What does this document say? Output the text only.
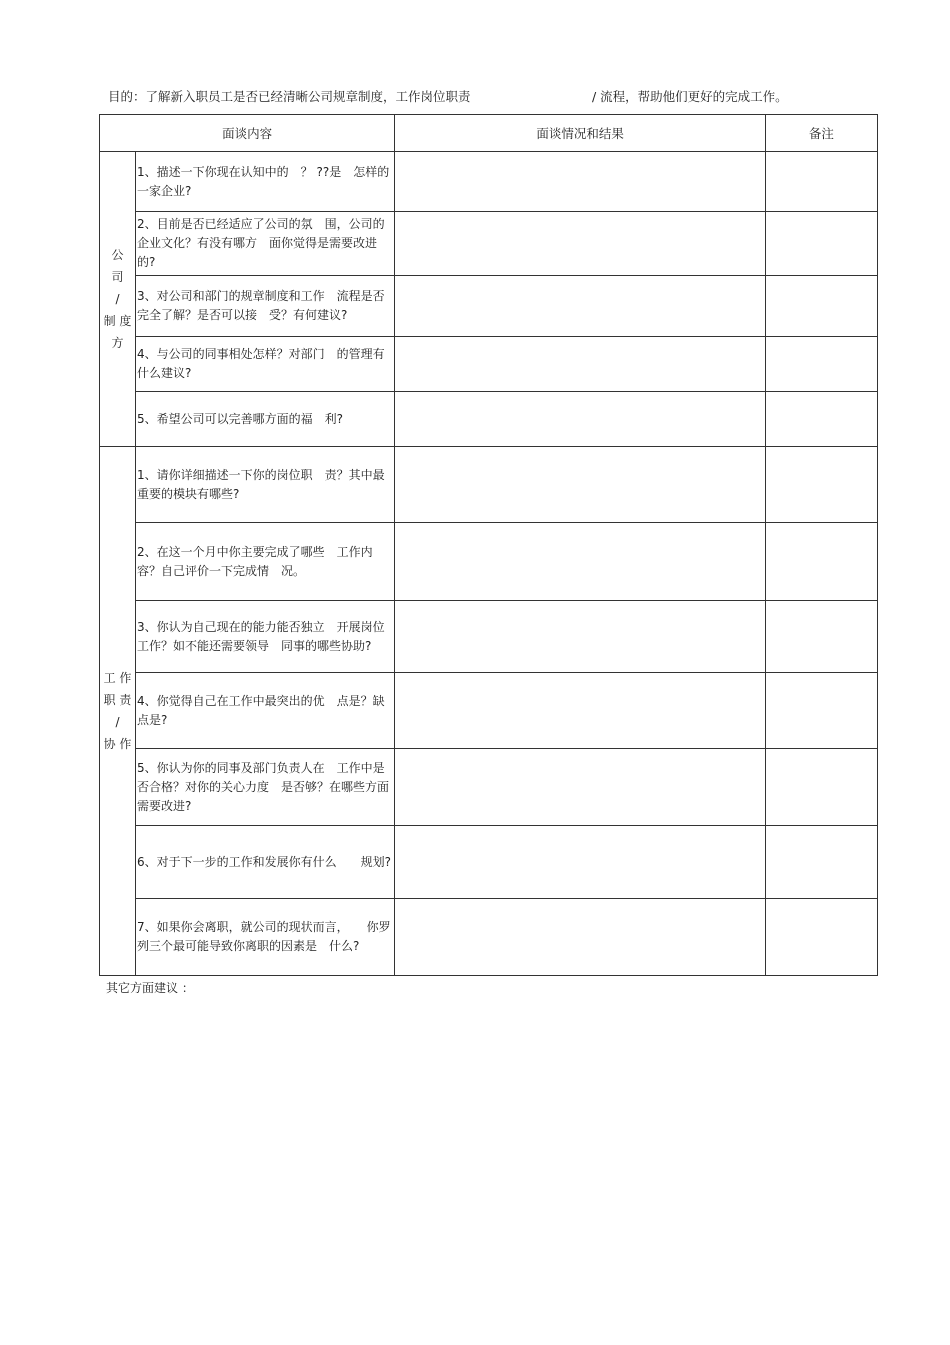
目的：了解新入职员工是否已经清晰公司规章制度，工作岗位职责	/ 流程，帮助他们更好的完成工作。
面谈内容		面谈情况和结果	备注

公
司
/
制 度
方	1、描述一下你现在认知中的　？ ??是　怎样的一家企业?		
	2、目前是否已经适应了公司的氛　围，公司的企业文化？有没有哪方　面你觉得是需要改进的?		
	3、对公司和部门的规章制度和工作　流程是否完全了解？是否可以接　受？有何建议?		
	4、与公司的同事相处怎样？对部门　的管理有什么建议?		
	5、希望公司可以完善哪方面的福　利?		

工 作
职 责
/
协 作	1、请你详细描述一下你的岗位职　责？其中最重要的模块有哪些?		
	2、在这一个月中你主要完成了哪些　工作内容？自己评价一下完成情　况。		
	3、你认为自己现在的能力能否独立　开展岗位工作？如不能还需要领导　同事的哪些协助?		
	4、你觉得自己在工作中最突出的优　点是？缺点是?		
	5、你认为你的同事及部门负责人在　工作中是否合格？对你的关心力度　是否够？在哪些方面需要改进?		
	6、对于下一步的工作和发展你有什么　　规划?		
	7、如果你会离职，就公司的现状而言，　　你罗列三个最可能导致你离职的因素是　什么?		
其它方面建议 ：
